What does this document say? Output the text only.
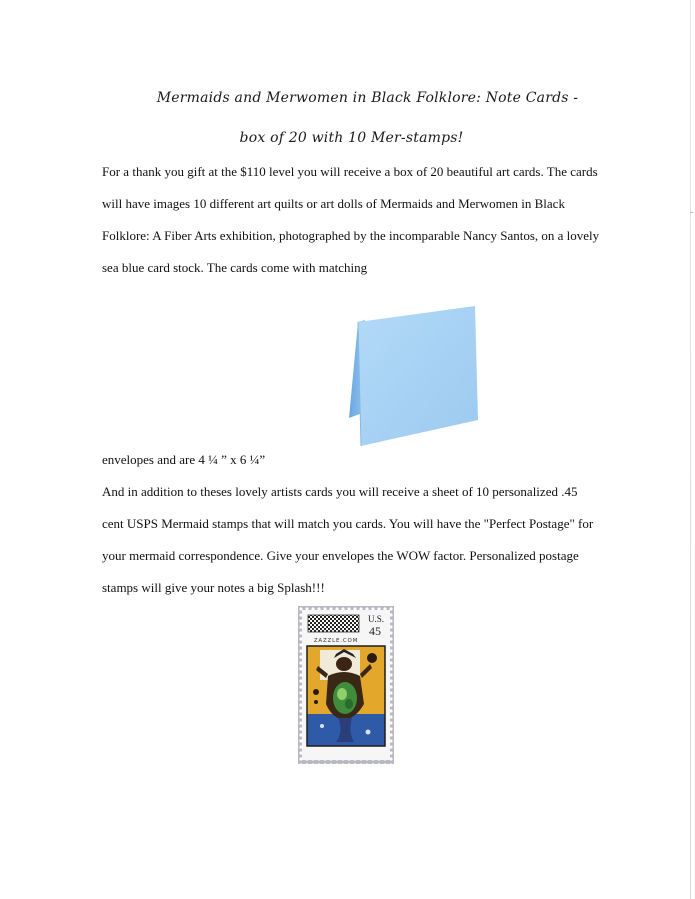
Mermaids and Merwomen in Black Folklore: Note Cards -
box of 20 with 10 Mer-stamps!

For a thank you gift at the $110 level you will receive a box of 20 beautiful art cards. The cards will have images 10 different art quilts or art dolls of Mermaids and Merwomen in Black Folklore: A Fiber Arts exhibition, photographed by the incomparable Nancy Santos, on a lovely sea blue card stock. The cards come with matching

envelopes and are 4 ¼ ” x 6 ¼”

And in addition to theses lovely artists cards you will receive a sheet of 10 personalized .45 cent USPS Mermaid stamps that will match you cards. You will have the "Perfect Postage" for your mermaid correspondence. Give your envelopes the WOW factor. Personalized postage stamps will give your notes a big Splash!!!

U.S.
45
ZAZZLE.COM
